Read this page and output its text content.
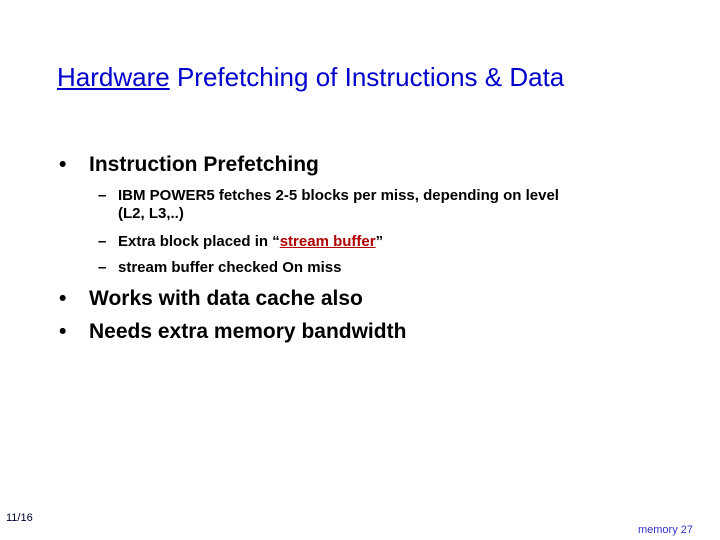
Hardware Prefetching of Instructions & Data
• Instruction Prefetching
– IBM POWER5 fetches 2-5 blocks per miss, depending on level
(L2, L3,..)
– Extra block placed in “stream buffer”
– stream buffer checked On miss
• Works with data cache also
• Needs extra memory bandwidth
11/16
memory 27
